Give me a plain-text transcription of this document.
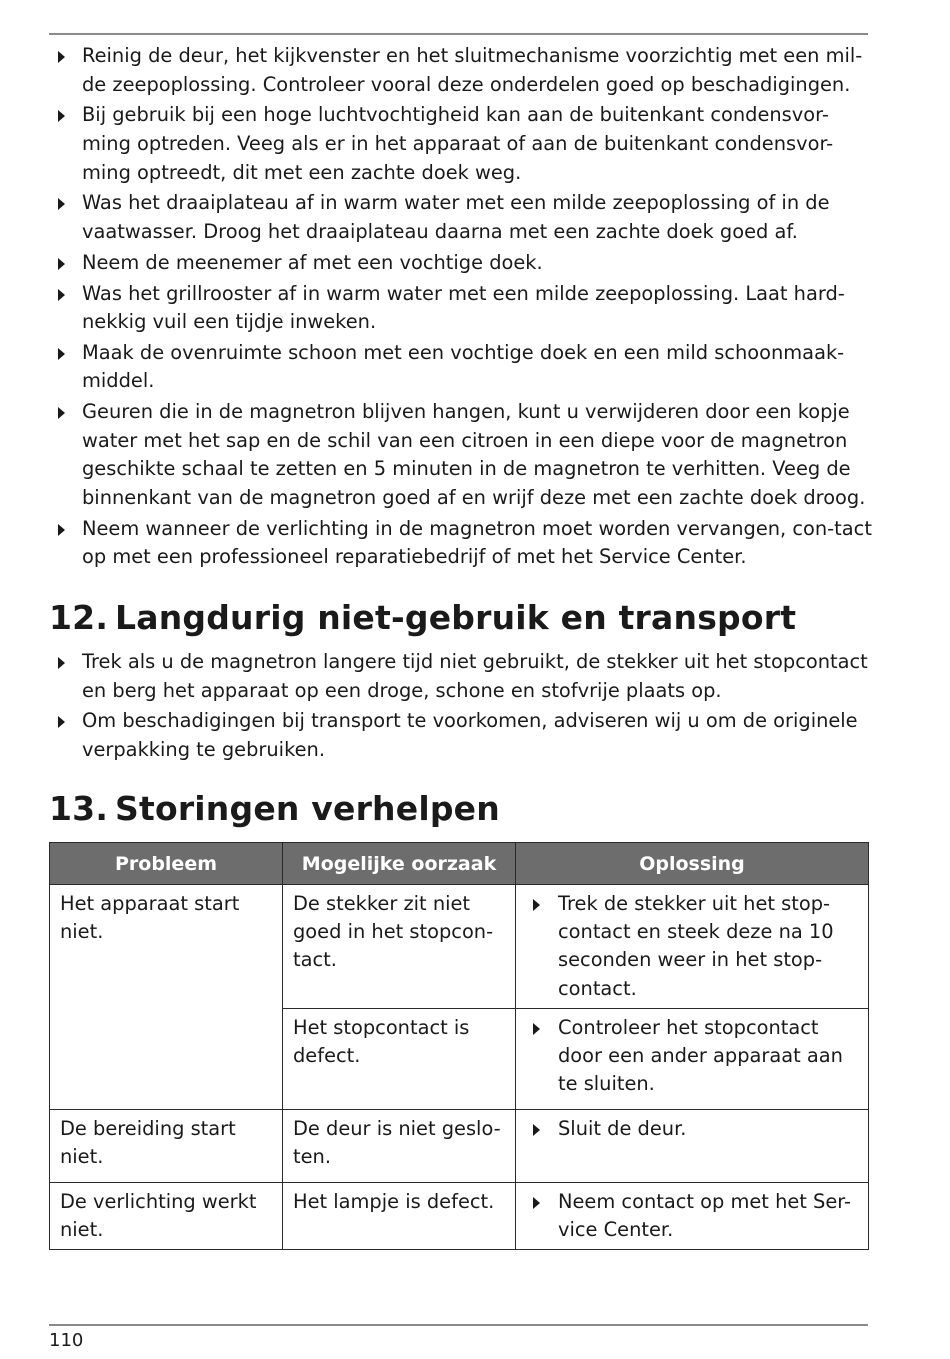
Reinig de deur, het kijkvenster en het sluitmechanisme voorzichtig met een mil-de zeepoplossing. Controleer vooral deze onderdelen goed op beschadigingen.
Bij gebruik bij een hoge luchtvochtigheid kan aan de buitenkant condensvor-ming optreden. Veeg als er in het apparaat of aan de buitenkant condensvor-ming optreedt, dit met een zachte doek weg.
Was het draaiplateau af in warm water met een milde zeepoplossing of in de vaatwasser. Droog het draaiplateau daarna met een zachte doek goed af.
Neem de meenemer af met een vochtige doek.
Was het grillrooster af in warm water met een milde zeepoplossing. Laat hard-nekkig vuil een tijdje inweken.
Maak de ovenruimte schoon met een vochtige doek en een mild schoonmaak-middel.
Geuren die in de magnetron blijven hangen, kunt u verwijderen door een kopje water met het sap en de schil van een citroen in een diepe voor de magnetron geschikte schaal te zetten en 5 minuten in de magnetron te verhitten. Veeg de binnenkant van de magnetron goed af en wrijf deze met een zachte doek droog.
Neem wanneer de verlichting in de magnetron moet worden vervangen, con-tact op met een professioneel reparatiebedrijf of met het Service Center.
12. Langdurig niet-gebruik en transport
Trek als u de magnetron langere tijd niet gebruikt, de stekker uit het stopcontact en berg het apparaat op een droge, schone en stofvrije plaats op.
Om beschadigingen bij transport te voorkomen, adviseren wij u om de originele verpakking te gebruiken.
13. Storingen verhelpen
Probleem	Mogelijke oorzaak	Oplossing
Het apparaat start niet.	De stekker zit niet goed in het stopcon-tact.	Trek de stekker uit het stop-contact en steek deze na 10 seconden weer in het stop-contact.
	Het stopcontact is defect.	Controleer het stopcontact door een ander apparaat aan te sluiten.
De bereiding start niet.	De deur is niet geslo-ten.	Sluit de deur.
De verlichting werkt niet.	Het lampje is defect.	Neem contact op met het Ser-vice Center.
110
